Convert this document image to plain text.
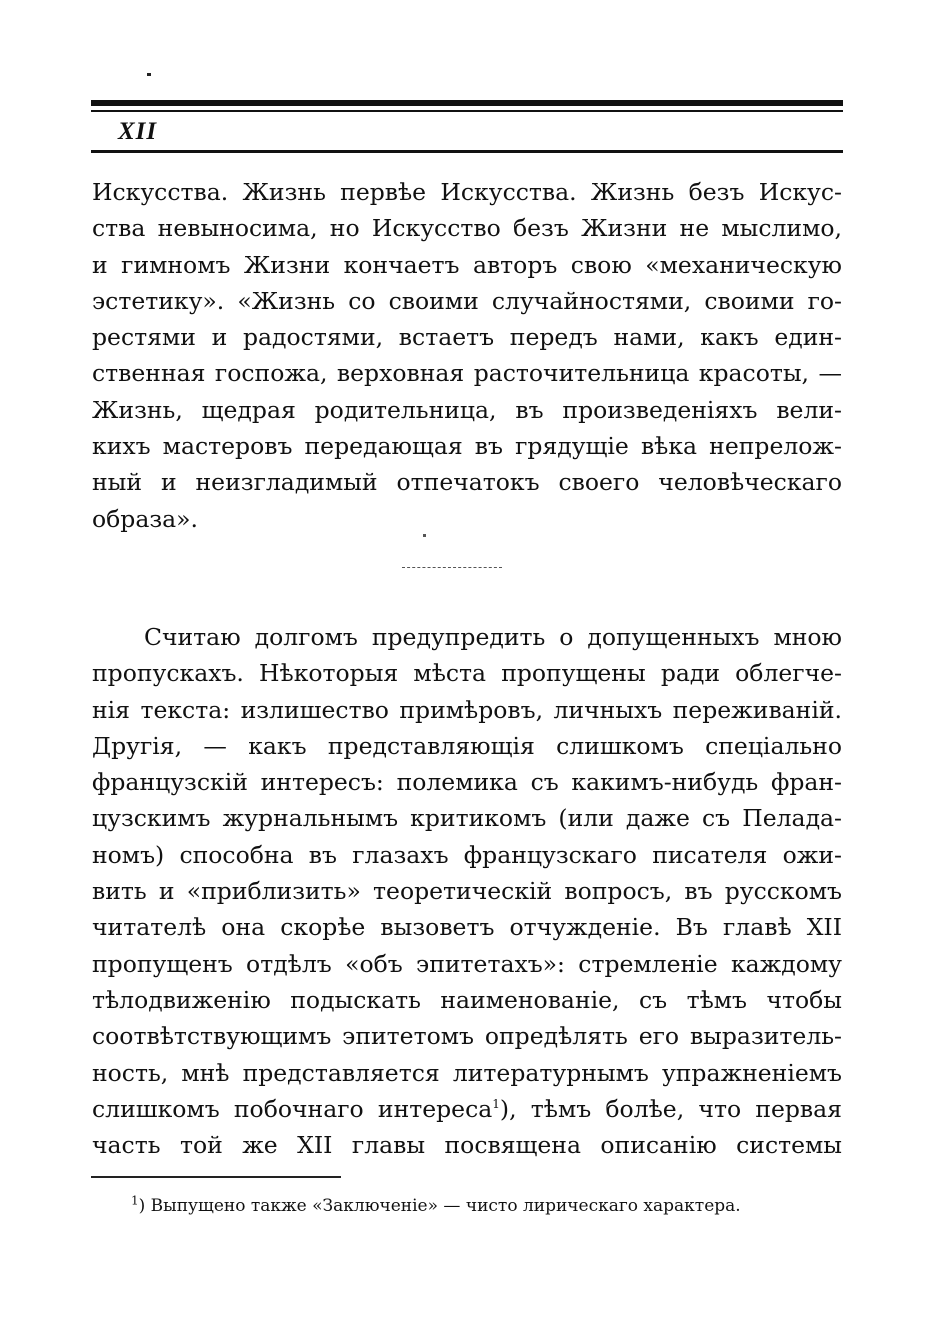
XII
Искусства. Жизнь первѣе Искусства. Жизнь безъ Искус-
ства невыносима, но Искусство безъ Жизни не мыслимо,
и гимномъ Жизни кончаетъ авторъ свою «механическую
эстетику». «Жизнь со своими случайностями, своими го-
рестями и радостями, встаетъ передъ нами, какъ един-
ственная госпожа, верховная расточительница красоты, —
Жизнь, щедрая родительница, въ произведеніяхъ вели-
кихъ мастеровъ передающая въ грядущіе вѣка непрелож-
ный и неизгладимый отпечатокъ своего человѣческаго
образа».
Считаю долгомъ предупредить о допущенныхъ мною
пропускахъ. Нѣкоторыя мѣста пропущены ради облегче-
нія текста: излишество примѣровъ, личныхъ переживаній.
Другія, — какъ представляющія слишкомъ спеціально
французскій интересъ: полемика съ какимъ-нибудь фран-
цузскимъ журнальнымъ критикомъ (или даже съ Пелада-
номъ) способна въ глазахъ французскаго писателя ожи-
вить и «приблизить» теоретическій вопросъ, въ русскомъ
читателѣ она скорѣе вызоветъ отчужденіе. Въ главѣ XII
пропущенъ отдѣлъ «объ эпитетахъ»: стремленіе каждому
тѣлодвиженію подыскать наименованіе, съ тѣмъ чтобы
соотвѣтствующимъ эпитетомъ опредѣлять его выразитель-
ность, мнѣ представляется литературнымъ упражненіемъ
слишкомъ побочнаго интереса$^1$), тѣмъ болѣе, что первая
часть той же XII главы посвящена описанію системы
$^1$) Выпущено также «Заключеніе» — чисто лирическаго характера.
